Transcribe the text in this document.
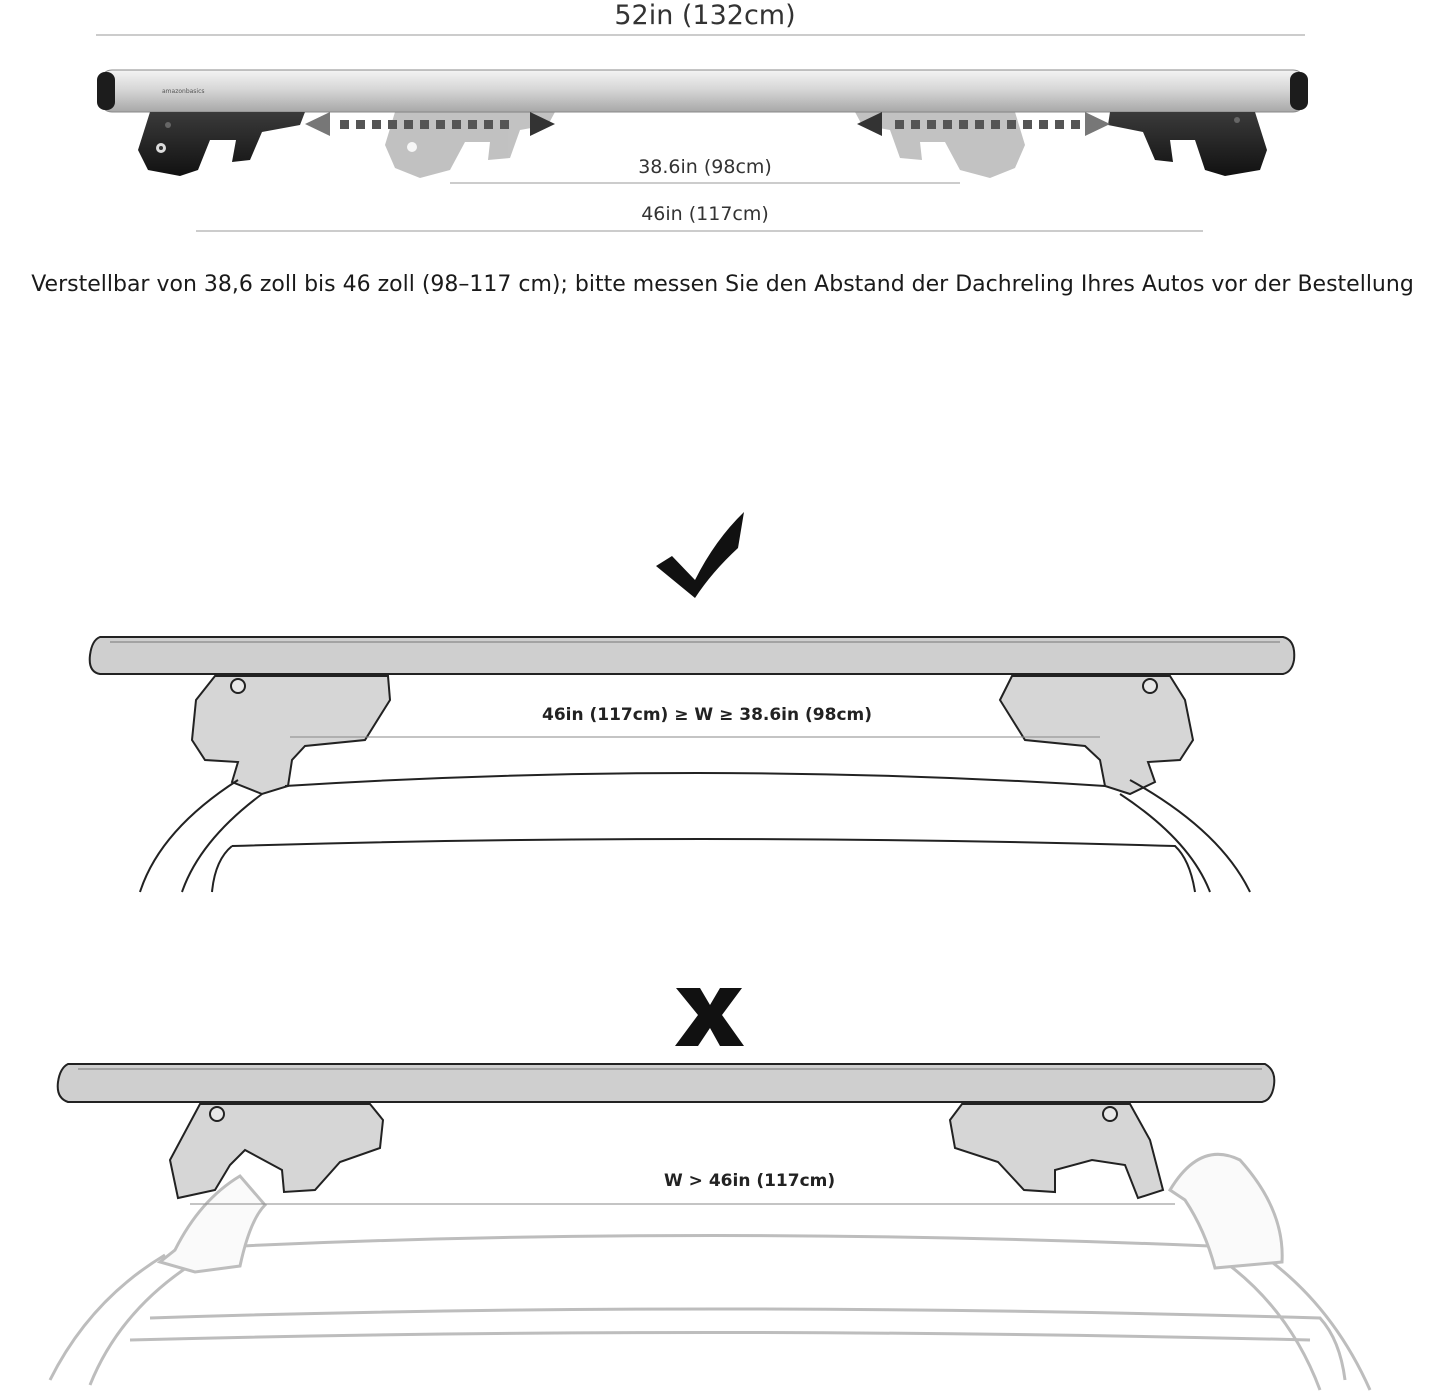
52in (132cm)
amazonbasics
38.6in (98cm)
46in (117cm)
Verstellbar von 38,6 zoll bis 46 zoll (98–117 cm); bitte messen Sie den Abstand der Dachreling Ihres Autos vor der Bestellung
46in (117cm) ≥ W ≥ 38.6in (98cm)
W > 46in (117cm)
